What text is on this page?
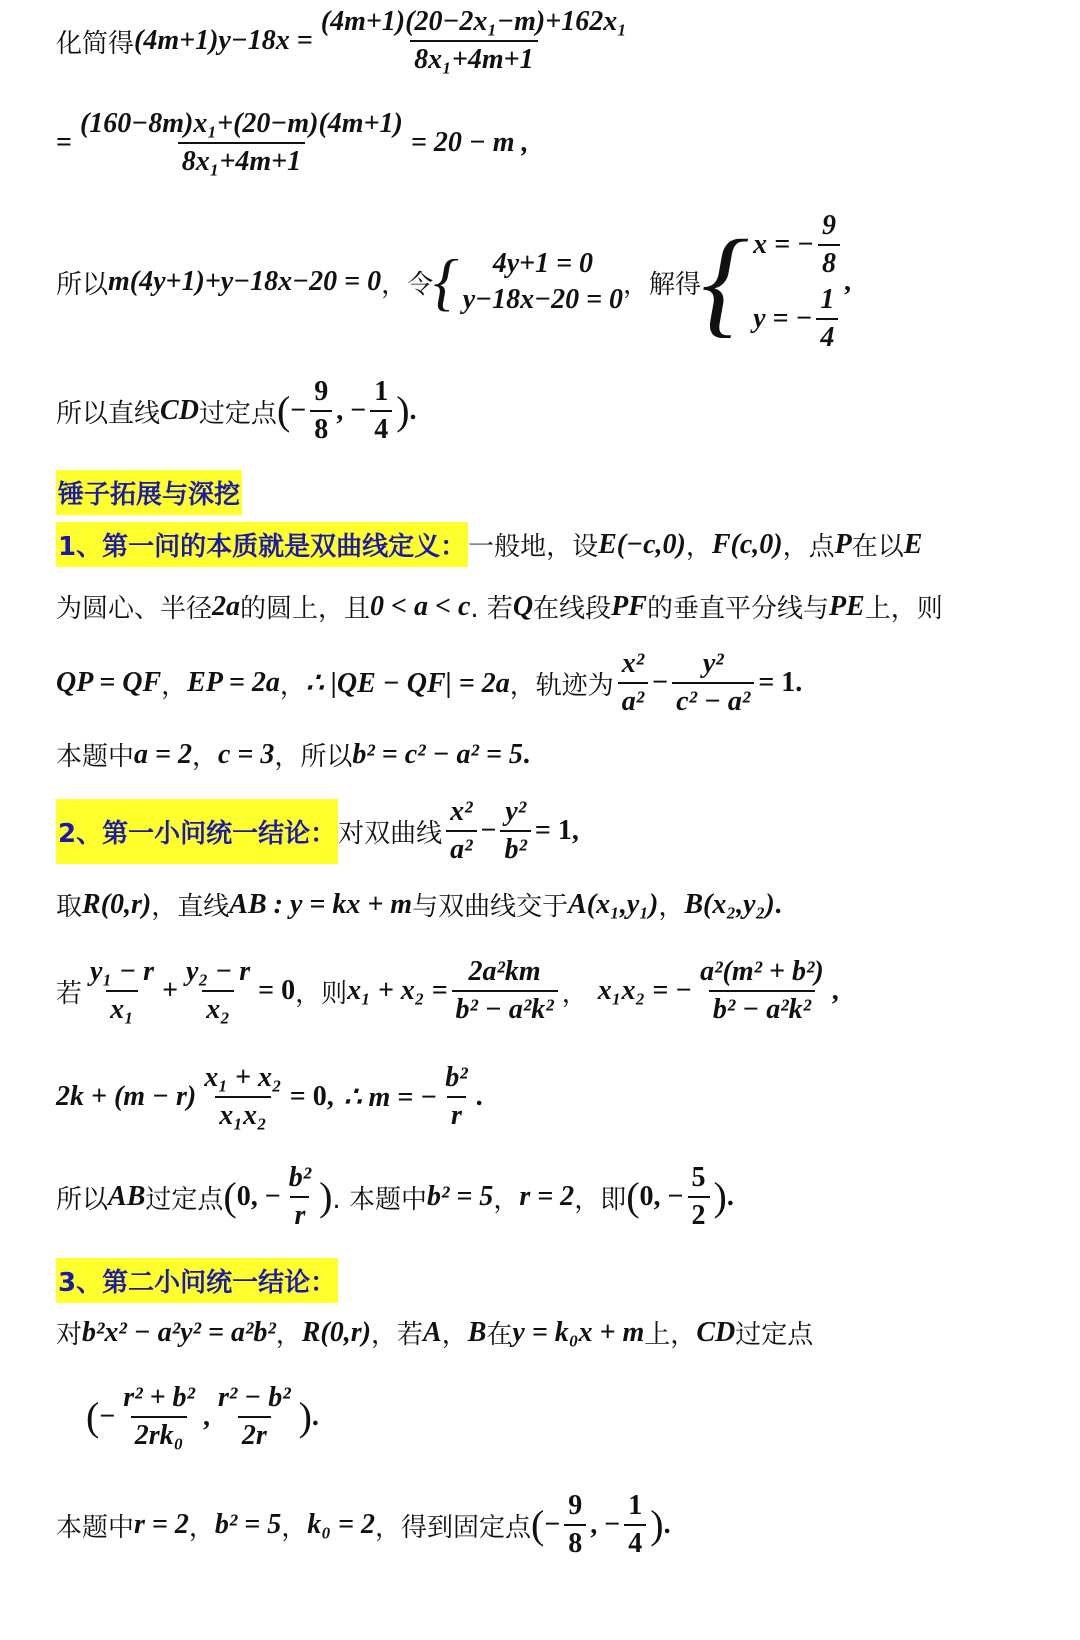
化简得 $(4m+1)y-18x = \frac{\text{(4m+1)(20−2x₁−m)+162x₁}}{\text{8x₁+4m+1}}$
= $\frac{\text{(160−8m)x₁+(20−m)(4m+1)}}{\text{8x₁+4m+1}} = 20 - m$ ,
所以 m(4y+1)+y−18x−20 = 0 ，令 {	4y+1 = 0
y−18x−20 = 0 ，解得 { x = − $\frac{9}{8}$
y = − $\frac{1}{4}$
,
所以直线 CD 过定点 ( − $\frac{9}{8}$ , − $\frac{1}{4}$ ) .
锤子拓展与深挖
1、第一问的本质就是双曲线定义： 一般地，设 E(−c,0) ， F(c,0) ，点 P 在以 E
为圆心、半径 2a 的圆上，且 0 < a < c . 若 Q 在线段 PF 的垂直平分线与 PE 上，则
QP = QF ， EP = 2a ， ∴ |QE − QF| = 2a ，轨迹为 $\frac{\text{x²}}{\text{a²}} - \frac{\text{y²}}{\text{c² − a²}} = 1$ .
本题中 a = 2 ， c = 3 ，所以 b² = c² − a² = 5 .
2、第一小问统一结论： 对双曲线 $\frac{\text{x²}}{\text{a²}} - \frac{\text{y²}}{\text{b²}} = 1$ ,
取 R(0,r) ，直线 AB : y = kx + m 与双曲线交于 A(x₁,y₁) ， B(x₂,y₂) .
若 $\frac{\text{y₁ − r}}{\text{x₁}} + \frac{\text{y₂ − r}}{\text{x₂}} = 0$ ，则 $x_1 + x_2 = \frac{\text{2a²km}}{\text{b² − a²k²}}$ ， x₁x₂ = − $\frac{\text{a²(m² + b²)}}{\text{b² − a²k²}}$ ,
$2k + (m - r) \frac{\text{x₁ + x₂}}{\text{x₁x₂}} = 0$ , ∴ m = − $\frac{\text{b²}}{r}$ .
所以 AB 过定点 ( 0, − $\frac{\text{b²}}{r}$ ) . 本题中 b² = 5 ， r = 2 ，即 ( 0, − $\frac{5}{2}$ ) .
3、第二小问统一结论：
对 b²x² − a²y² = a²b² ， R(0,r) ，若 A ， B 在 y = k₀x + m 上， CD 过定点
( − $\frac{\text{r² + b²}}{\text{2rk₀}}$ , $\frac{\text{r² − b²}}{2r}$ ) .
本题中 r = 2 ， b² = 5 ， k₀ = 2 ，得到固定点 ( − $\frac{9}{8}$ , − $\frac{1}{4}$ ) .
